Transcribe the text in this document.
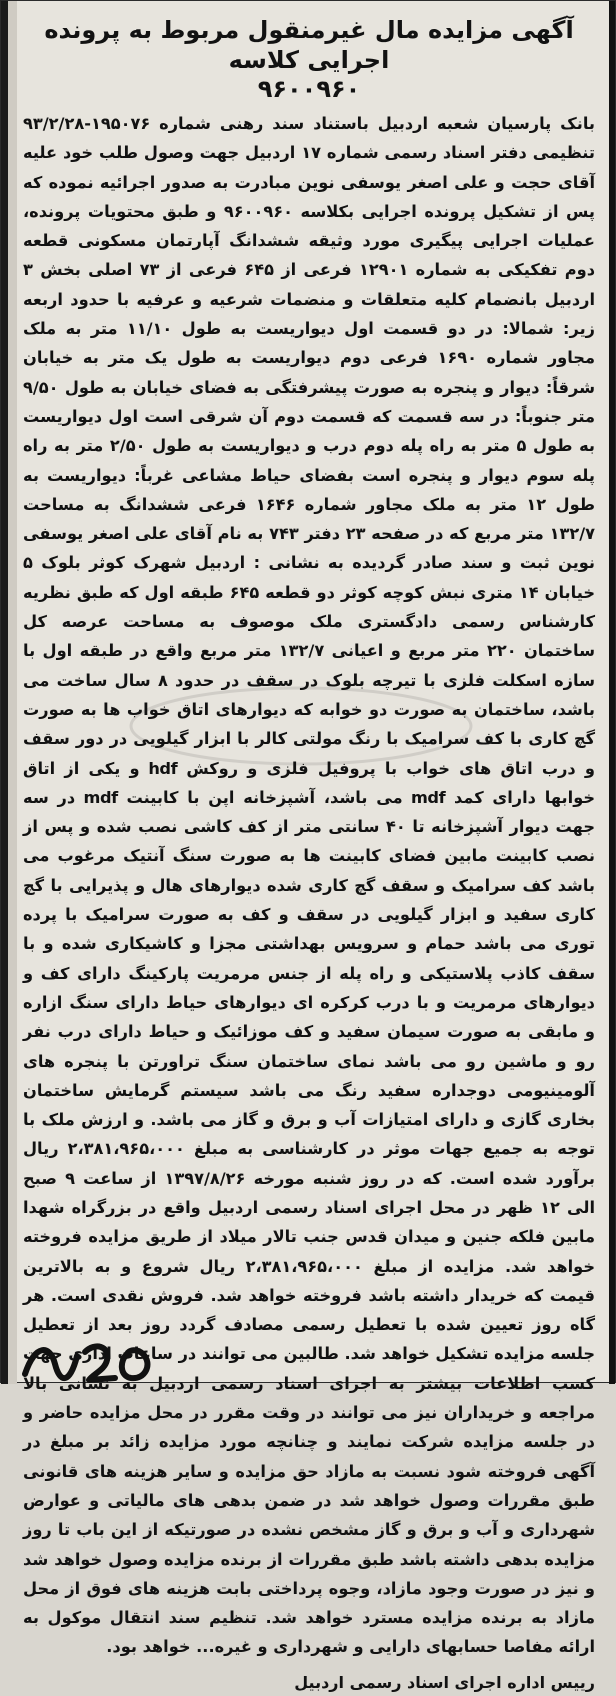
آگهی مزایده مال غیرمنقول مربوط به پرونده اجرایی کلاسه
۹۶۰۰۹۶۰

بانک پارسیان شعبه اردبیل باستناد سند رهنی شماره ۱۹۵۰۷۶-۹۳/۲/۲۸ تنظیمی دفتر اسناد رسمی شماره ۱۷ اردبیل جهت وصول طلب خود علیه آقای حجت و علی اصغر یوسفی نوین مبادرت به صدور اجرائیه نموده که پس از تشکیل پرونده اجرایی بکلاسه ۹۶۰۰۹۶۰ و طبق محتویات پرونده، عملیات اجرایی پیگیری مورد وثیقه ششدانگ آپارتمان مسکونی قطعه دوم تفکیکی به شماره ۱۲۹۰۱ فرعی از ۶۴۵ فرعی از ۷۳ اصلی بخش ۳ اردبیل بانضمام کلیه متعلقات و منضمات شرعیه و عرفیه با حدود اربعه زیر: شمالا: در دو قسمت اول دیواریست به طول ۱۱/۱۰ متر به ملک مجاور شماره ۱۶۹۰ فرعی دوم دیواریست به طول یک متر به خیابان شرقاً: دیوار و پنجره به صورت پیشرفتگی به فضای خیابان به طول ۹/۵۰ متر جنوباً: در سه قسمت که قسمت دوم آن شرقی است اول دیواریست به طول ۵ متر به راه پله دوم درب و دیواریست به طول ۲/۵۰ متر به راه پله سوم دیوار و پنجره است بفضای حیاط مشاعی غرباً: دیواریست به طول ۱۲ متر به ملک مجاور شماره ۱۶۴۶ فرعی ششدانگ به مساحت ۱۳۲/۷ متر مربع که در صفحه ۲۳ دفتر ۷۴۳ به نام آقای علی اصغر یوسفی نوین ثبت و سند صادر گردیده به نشانی : اردبیل شهرک کوثر بلوک ۵ خیابان ۱۴ متری نبش کوچه کوثر دو قطعه ۶۴۵ طبقه اول که طبق نظریه کارشناس رسمی دادگستری ملک موصوف به مساحت عرصه کل ساختمان ۲۲۰ متر مربع و اعیانی ۱۳۲/۷ متر مربع واقع در طبقه اول با سازه اسکلت فلزی با تیرچه بلوک در سقف در حدود ۸ سال ساخت می باشد، ساختمان به صورت دو خوابه که دیوارهای اتاق خواب ها به صورت گچ کاری با کف سرامیک با رنگ مولتی کالر با ابزار گیلویی در دور سقف و درب اتاق های خواب با پروفیل فلزی و روکش hdf و یکی از اتاق خوابها دارای کمد mdf می باشد، آشپزخانه اپن با کابینت mdf در سه جهت دیوار آشپزخانه تا ۴۰ سانتی متر از کف کاشی نصب شده و پس از نصب کابینت مابین فضای کابینت ها به صورت سنگ آنتیک مرغوب می باشد کف سرامیک و سقف گچ کاری شده دیوارهای هال و پذیرایی با گچ کاری سفید و ابزار گیلویی در سقف و کف به صورت سرامیک با پرده توری می باشد حمام و سرویس بهداشتی مجزا و کاشیکاری شده و با سقف کاذب پلاستیکی و راه پله از جنس مرمریت پارکینگ دارای کف و دیوارهای مرمریت و با درب کرکره ای دیوارهای حیاط دارای سنگ ازاره و مابقی به صورت سیمان سفید و کف موزائیک و حیاط دارای درب نفر رو و ماشین رو می باشد نمای ساختمان سنگ تراورتن با پنجره های آلومینیومی دوجداره سفید رنگ می باشد سیستم گرمایش ساختمان بخاری گازی و دارای امتیازات آب و برق و گاز می باشد. و ارزش ملک با توجه به جمیع جهات موثر در کارشناسی به مبلغ ۲،۳۸۱،۹۶۵،۰۰۰ ریال برآورد شده است. که در روز شنبه مورخه ۱۳۹۷/۸/۲۶ از ساعت ۹ صبح الی ۱۲ ظهر در محل اجرای اسناد رسمی اردبیل واقع در بزرگراه شهدا مابین فلکه جنین و میدان قدس جنب تالار میلاد از طریق مزایده فروخته خواهد شد. مزایده از مبلغ ۲،۳۸۱،۹۶۵،۰۰۰ ریال شروع و به بالاترین قیمت که خریدار داشته باشد فروخته خواهد شد. فروش نقدی است. هر گاه روز تعیین شده با تعطیل رسمی مصادف گردد روز بعد از تعطیل جلسه مزایده تشکیل خواهد شد. طالبین می توانند در ساعات اداری جهت کسب اطلاعات بیشتر به اجرای اسناد رسمی اردبیل به نشانی بالا مراجعه و خریداران نیز می توانند در وقت مقرر در محل مزایده حاضر و در جلسه مزایده شرکت نمایند و چنانچه مورد مزایده زائد بر مبلغ در آگهی فروخته شود نسبت به مازاد حق مزایده و سایر هزینه های قانونی طبق مقررات وصول خواهد شد در ضمن بدهی های مالیاتی و عوارض شهرداری و آب و برق و گاز مشخص نشده در صورتیکه از این باب تا روز مزایده بدهی داشته باشد طبق مقررات از برنده مزایده وصول خواهد شد و نیز در صورت وجود مازاد، وجوه پرداختی بابت هزینه های فوق از محل مازاد به برنده مزایده مسترد خواهد شد. تنظیم سند انتقال موکول به ارائه مفاصا حسابهای دارایی و شهرداری و غیره... خواهد بود.

رییس اداره اجرای اسناد رسمی اردبیل
